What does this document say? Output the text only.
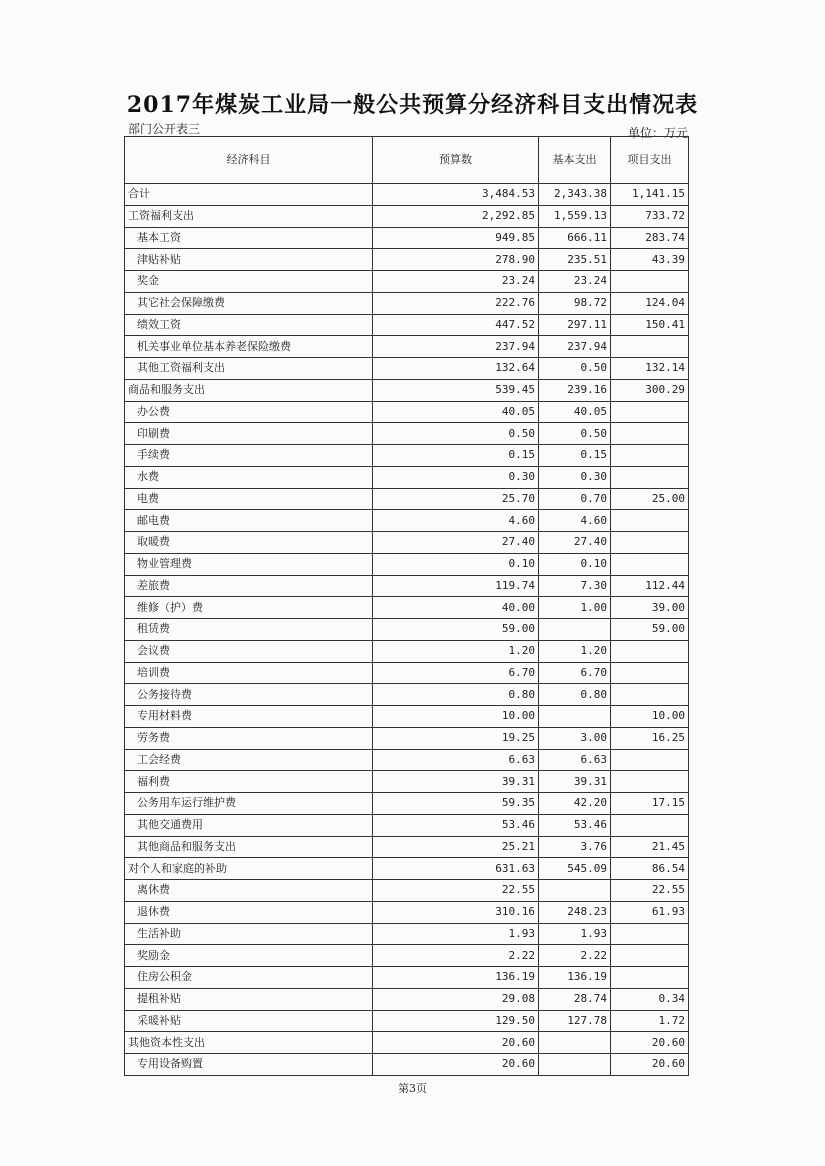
2017年煤炭工业局一般公共预算分经济科目支出情况表
部门公开表三	单位：万元
经济科目	预算数	基本支出	项目支出
合计	3,484.53	2,343.38	1,141.15
工资福利支出	2,292.85	1,559.13	733.72
基本工资	949.85	666.11	283.74
津贴补贴	278.90	235.51	43.39
奖金	23.24	23.24	
其它社会保障缴费	222.76	98.72	124.04
绩效工资	447.52	297.11	150.41
机关事业单位基本养老保险缴费	237.94	237.94	
其他工资福利支出	132.64	0.50	132.14
商品和服务支出	539.45	239.16	300.29
办公费	40.05	40.05	
印刷费	0.50	0.50	
手续费	0.15	0.15	
水费	0.30	0.30	
电费	25.70	0.70	25.00
邮电费	4.60	4.60	
取暖费	27.40	27.40	
物业管理费	0.10	0.10	
差旅费	119.74	7.30	112.44
维修（护）费	40.00	1.00	39.00
租赁费	59.00		59.00
会议费	1.20	1.20	
培训费	6.70	6.70	
公务接待费	0.80	0.80	
专用材料费	10.00		10.00
劳务费	19.25	3.00	16.25
工会经费	6.63	6.63	
福利费	39.31	39.31	
公务用车运行维护费	59.35	42.20	17.15
其他交通费用	53.46	53.46	
其他商品和服务支出	25.21	3.76	21.45
对个人和家庭的补助	631.63	545.09	86.54
离休费	22.55		22.55
退休费	310.16	248.23	61.93
生活补助	1.93	1.93	
奖励金	2.22	2.22	
住房公积金	136.19	136.19	
提租补贴	29.08	28.74	0.34
采暖补贴	129.50	127.78	1.72
其他资本性支出	20.60		20.60
专用设备购置	20.60		20.60
第3页
